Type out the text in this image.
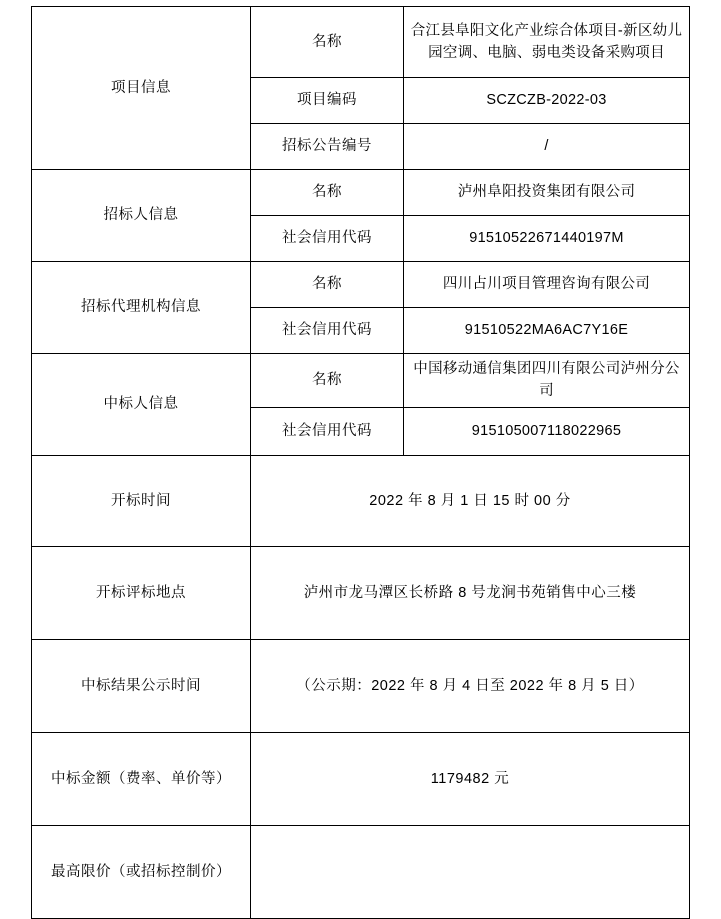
项目信息	名称	合江县阜阳文化产业综合体项目-新区幼儿园空调、电脑、弱电类设备采购项目
	项目编码	SCZCZB-2022-03
	招标公告编号	/
招标人信息	名称	泸州阜阳投资集团有限公司
	社会信用代码	91510522671440197M
招标代理机构信息	名称	四川占川项目管理咨询有限公司
	社会信用代码	91510522MA6AC7Y16E
中标人信息	名称	中国移动通信集团四川有限公司泸州分公司
	社会信用代码	915105007118022965
开标时间	2022 年 8 月 1 日 15 时 00 分	
开标评标地点	泸州市龙马潭区长桥路 8 号龙涧书苑销售中心三楼	
中标结果公示时间	（公示期：2022 年 8 月 4 日至 2022 年 8 月 5 日）	
中标金额（费率、单价等）	1179482 元	
最高限价（或招标控制价）		
